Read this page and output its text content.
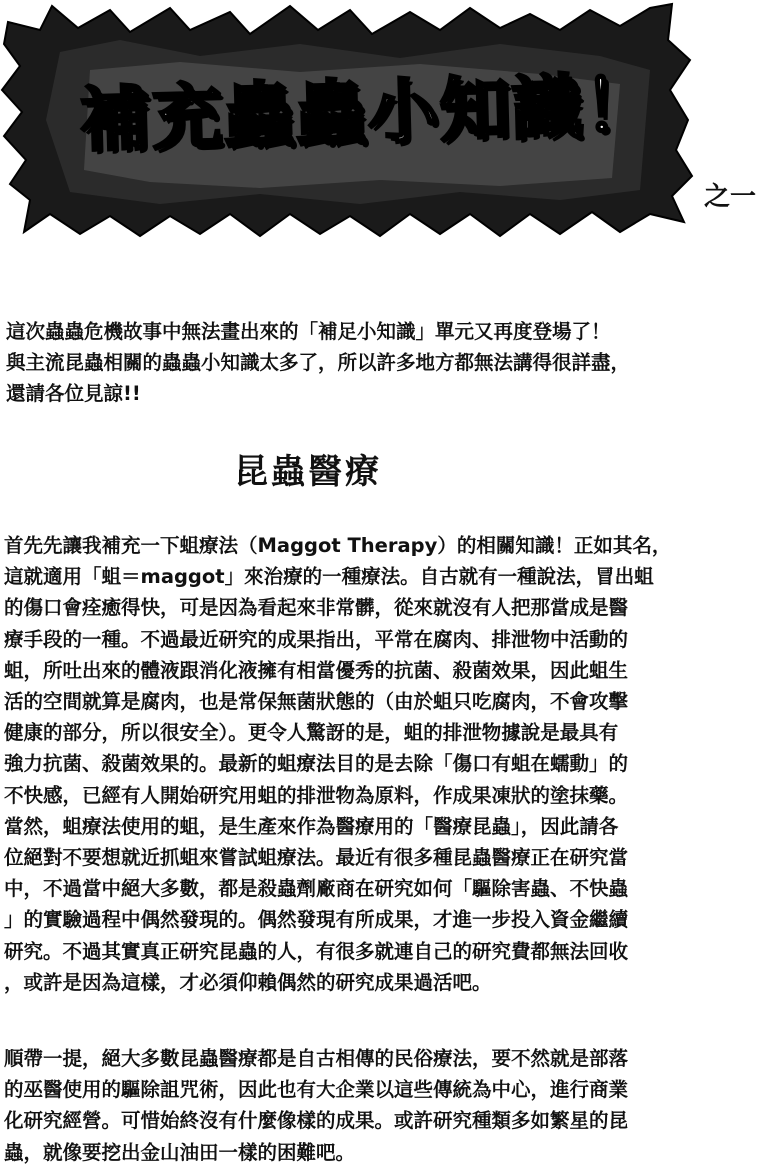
補充蟲蟲小知識！
之一

這次蟲蟲危機故事中無法畫出來的「補足小知識」單元又再度登場了！

與主流昆蟲相關的蟲蟲小知識太多了，所以許多地方都無法講得很詳盡，

還請各位見諒!!

昆蟲醫療
首先先讓我補充一下蛆療法（Maggot Therapy）的相關知識！正如其名，
這就適用「蛆＝maggot」來治療的一種療法。自古就有一種說法，冒出蛆
的傷口會痊癒得快，可是因為看起來非常髒，從來就沒有人把那當成是醫
療手段的一種。不過最近研究的成果指出，平常在腐肉、排泄物中活動的
蛆，所吐出來的體液跟消化液擁有相當優秀的抗菌、殺菌效果，因此蛆生
活的空間就算是腐肉，也是常保無菌狀態的（由於蛆只吃腐肉，不會攻擊
健康的部分，所以很安全）。更令人驚訝的是，蛆的排泄物據說是最具有
強力抗菌、殺菌效果的。最新的蛆療法目的是去除「傷口有蛆在蠕動」的
不快感，已經有人開始研究用蛆的排泄物為原料，作成果凍狀的塗抹藥。
當然，蛆療法使用的蛆，是生產來作為醫療用的「醫療昆蟲」，因此請各
位絕對不要想就近抓蛆來嘗試蛆療法。最近有很多種昆蟲醫療正在研究當
中，不過當中絕大多數，都是殺蟲劑廠商在研究如何「驅除害蟲、不快蟲
」的實驗過程中偶然發現的。偶然發現有所成果，才進一步投入資金繼續
研究。不過其實真正研究昆蟲的人，有很多就連自己的研究費都無法回收
，或許是因為這樣，才必須仰賴偶然的研究成果過活吧。
順帶一提，絕大多數昆蟲醫療都是自古相傳的民俗療法，要不然就是部落
的巫醫使用的驅除詛咒術，因此也有大企業以這些傳統為中心，進行商業
化研究經營。可惜始終沒有什麼像樣的成果。或許研究種類多如繁星的昆
蟲，就像要挖出金山油田一樣的困難吧。
